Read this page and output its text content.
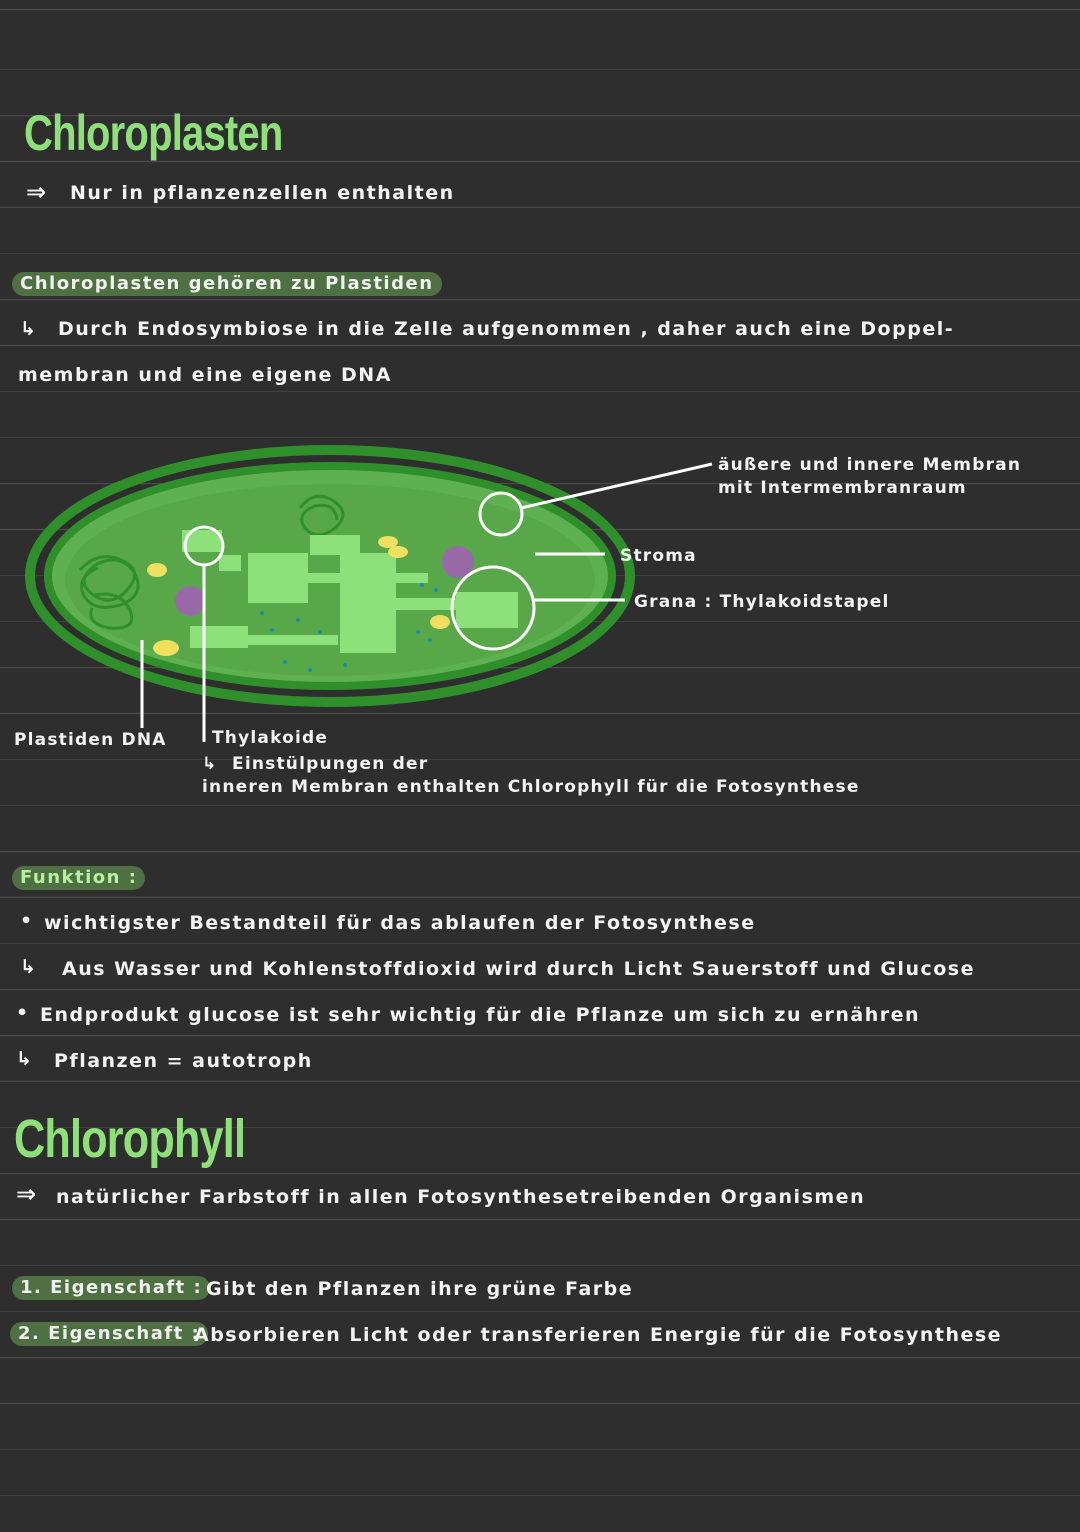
Chloroplasten
⇒ Nur in pflanzenzellen enthalten
Chloroplasten gehören zu Plastiden
↳ Durch Endosymbiose in die Zelle aufgenommen , daher auch eine Doppel-
membran und eine eigene DNA
äußere und innere Membran
mit Intermembranraum
Stroma
Grana : Thylakoidstapel
Plastiden DNA	Thylakoide
↳ Einstülpungen der
inneren Membran enthalten Chlorophyll für die Fotosynthese
Funktion :
• wichtigster Bestandteil für das ablaufen der Fotosynthese
↳ Aus Wasser und Kohlenstoffdioxid wird durch Licht Sauerstoff und Glucose
• Endprodukt glucose ist sehr wichtig für die Pflanze um sich zu ernähren
↳ Pflanzen = autotroph
Chlorophyll
⇒ natürlicher Farbstoff in allen Fotosynthesetreibenden Organismen
1. Eigenschaft : Gibt den Pflanzen ihre grüne Farbe
2. Eigenschaft :
Absorbieren Licht oder transferieren Energie für die Fotosynthese
